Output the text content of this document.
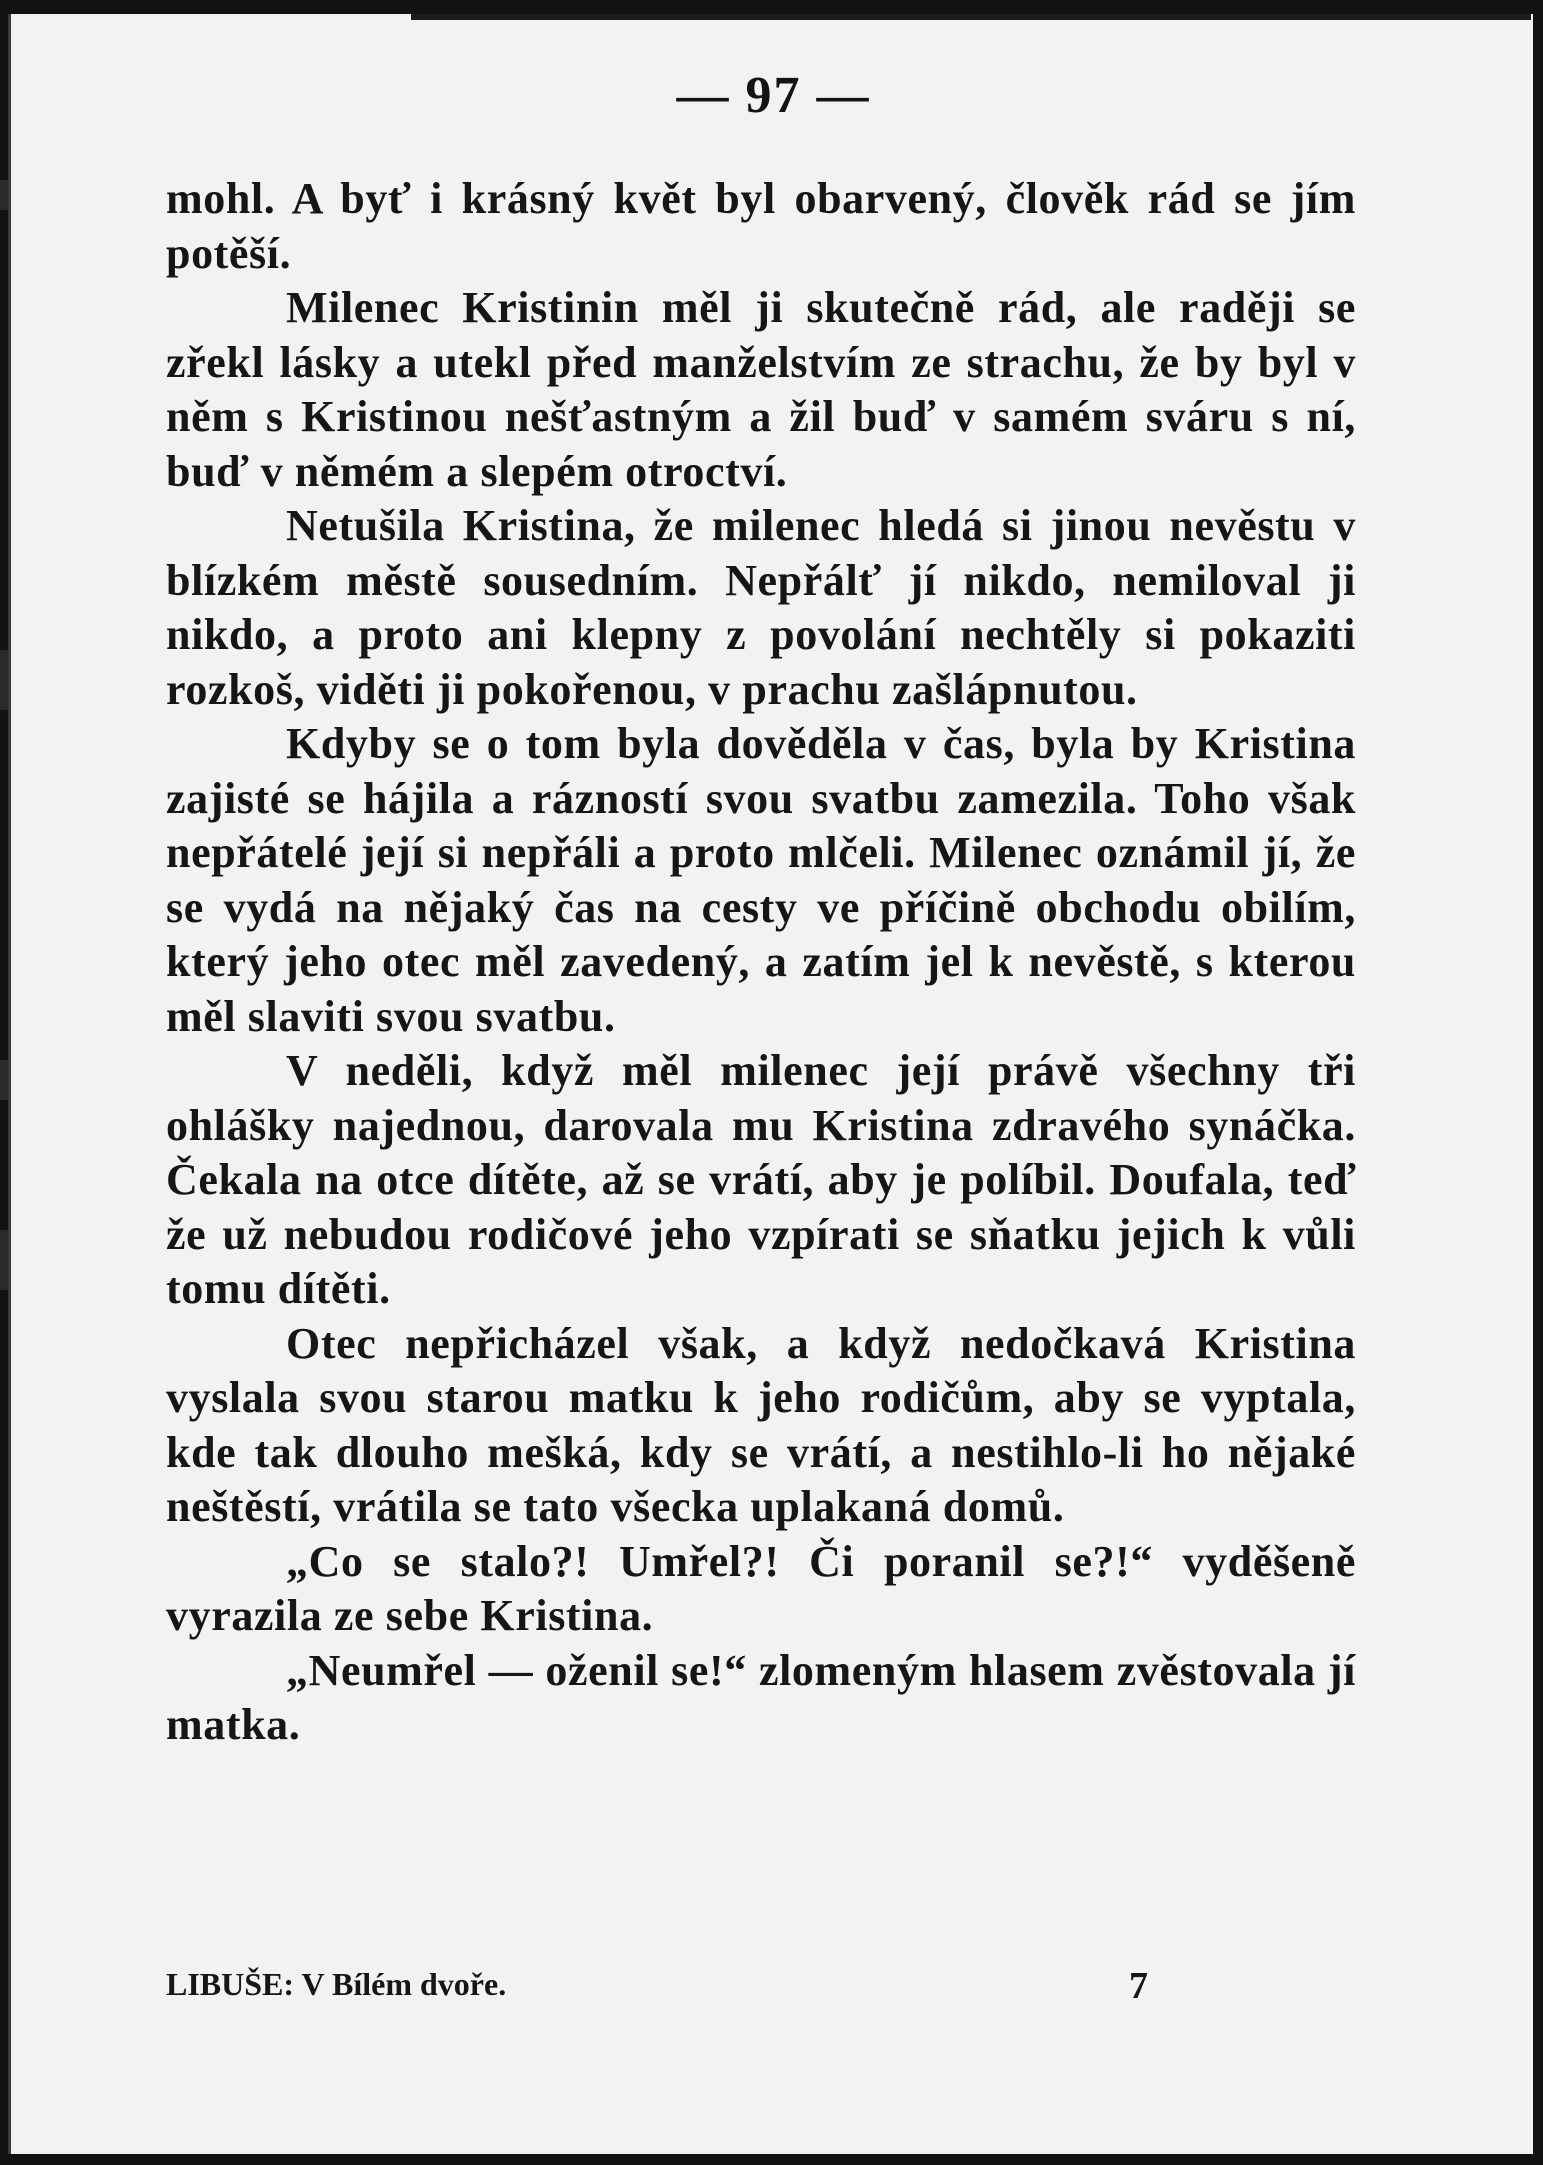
— 97 —

mohl. A byť i krásný květ byl obarvený, člověk rád se jím potěší.

Milenec Kristinin měl ji skutečně rád, ale raději se zřekl lásky a utekl před manželstvím ze strachu, že by byl v něm s Kristinou nešťastným a žil buď v samém sváru s ní, buď v němém a slepém otroctví.

Netušila Kristina, že milenec hledá si jinou nevěstu v blízkém městě sousedním. Nepřálť jí nikdo, nemiloval ji nikdo, a proto ani klepny z povolání nechtěly si pokaziti rozkoš, viděti ji pokořenou, v prachu zašlápnutou.

Kdyby se o tom byla dověděla v čas, byla by Kristina zajisté se hájila a rázností svou svatbu zamezila. Toho však nepřátelé její si nepřáli a proto mlčeli. Milenec oznámil jí, že se vydá na nějaký čas na cesty ve příčině obchodu obilím, který jeho otec měl zavedený, a zatím jel k nevěstě, s kterou měl slaviti svou svatbu.

V neděli, když měl milenec její právě všechny tři ohlášky najednou, darovala mu Kristina zdravého synáčka. Čekala na otce dítěte, až se vrátí, aby je políbil. Doufala, teď že už nebudou rodičové jeho vzpírati se sňatku jejich k vůli tomu dítěti.

Otec nepřicházel však, a když nedočkavá Kristina vyslala svou starou matku k jeho rodičům, aby se vyptala, kde tak dlouho mešká, kdy se vrátí, a nestihlo-li ho nějaké neštěstí, vrátila se tato všecka uplakaná domů.

„Co se stalo?! Umřel?! Či poranil se?!“ vyděšeně vyrazila ze sebe Kristina.

„Neumřel — oženil se!“ zlomeným hlasem zvěstovala jí matka.

LIBUŠE: V Bílém dvoře.	7
